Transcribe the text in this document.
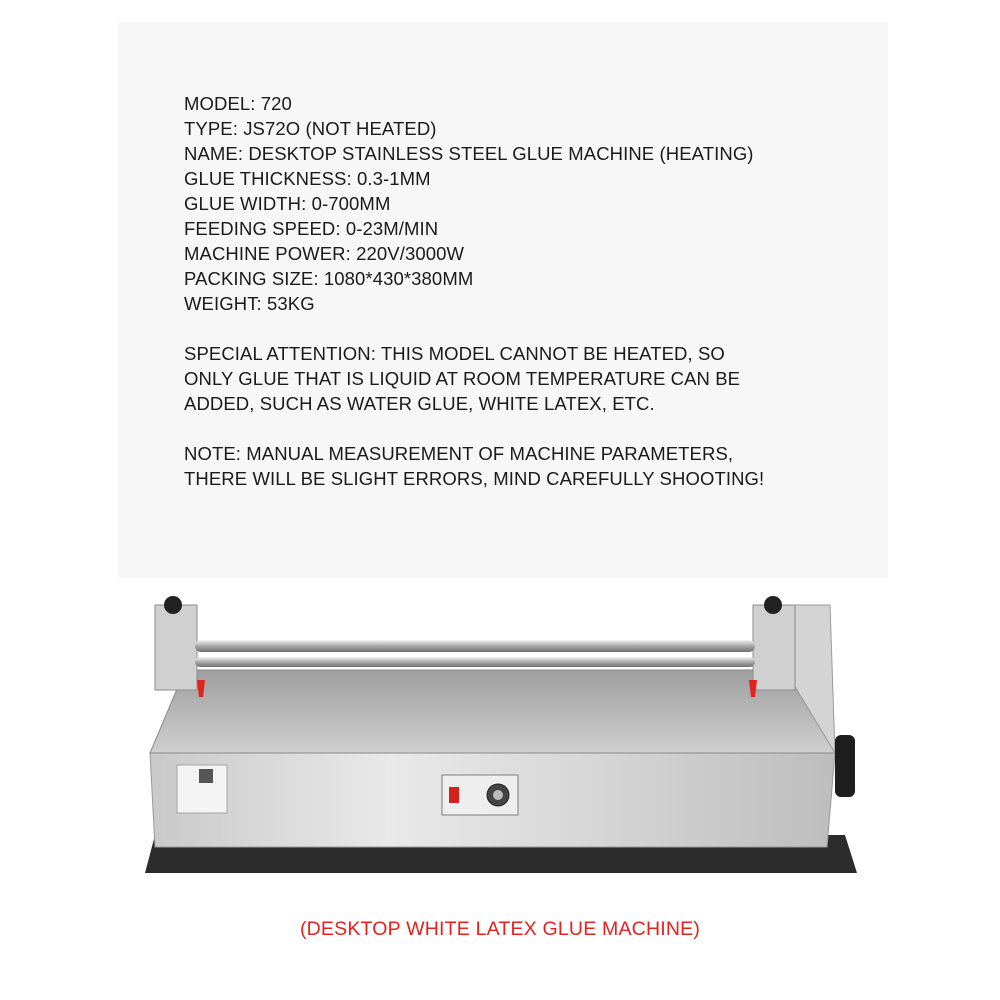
MODEL: 720
TYPE: JS72O (NOT HEATED)
NAME: DESKTOP STAINLESS STEEL GLUE MACHINE (HEATING)
GLUE THICKNESS: 0.3-1MM
GLUE WIDTH: 0-700MM
FEEDING SPEED: 0-23M/MIN
MACHINE POWER: 220V/3000W
PACKING SIZE: 1080*430*380MM
WEIGHT: 53KG
SPECIAL ATTENTION: THIS MODEL CANNOT BE HEATED, SO
ONLY GLUE THAT IS LIQUID AT ROOM TEMPERATURE CAN BE
ADDED, SUCH AS WATER GLUE, WHITE LATEX, ETC.
NOTE: MANUAL MEASUREMENT OF MACHINE PARAMETERS,
THERE WILL BE SLIGHT ERRORS, MIND CAREFULLY SHOOTING!
(DESKTOP WHITE LATEX GLUE MACHINE)
